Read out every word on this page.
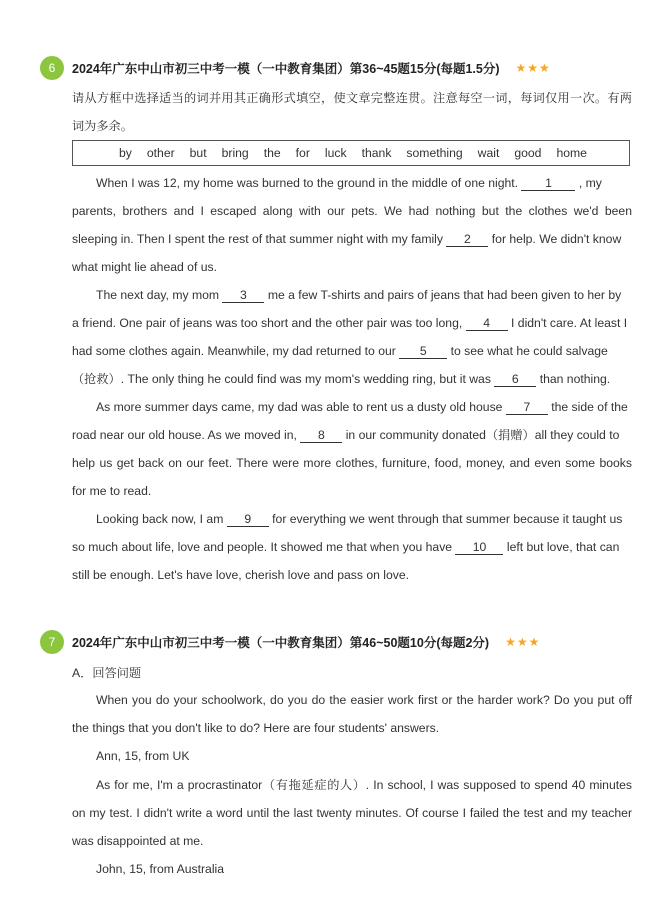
6	2024年广东中山市初三中考一模（一中教育集团）第36~45题15分(每题1.5分) ★★★
请从方框中选择适当的词并用其正确形式填空，使文章完整连贯。注意每空一词，每词仅用一次。有两
词为多余。
by other but bring the for luck thank something wait good home
When I was 12, my home was burned to the ground in the middle of one night. 1 , my
parents, brothers and I escaped along with our pets. We had nothing but the clothes we'd been
sleeping in. Then I spent the rest of that summer night with my family 2 for help. We didn't know
what might lie ahead of us.
The next day, my mom 3 me a few T-shirts and pairs of jeans that had been given to her by
a friend. One pair of jeans was too short and the other pair was too long, 4 I didn't care. At least I
had some clothes again. Meanwhile, my dad returned to our 5 to see what he could salvage
（抢救）. The only thing he could find was my mom's wedding ring, but it was 6 than nothing.
As more summer days came, my dad was able to rent us a dusty old house 7 the side of the
road near our old house. As we moved in, 8 in our community donated（捐赠）all they could to
help us get back on our feet. There were more clothes, furniture, food, money, and even some books
for me to read.
Looking back now, I am 9 for everything we went through that summer because it taught us
so much about life, love and people. It showed me that when you have 10 left but love, that can
still be enough. Let's have love, cherish love and pass on love.
7	2024年广东中山市初三中考一模（一中教育集团）第46~50题10分(每题2分) ★★★
A．回答问题
When you do your schoolwork, do you do the easier work first or the harder work? Do you put off
the things that you don't like to do? Here are four students' answers.
Ann, 15, from UK
As for me, I'm a procrastinator（有拖延症的人）. In school, I was supposed to spend 40 minutes
on my test. I didn't write a word until the last twenty minutes. Of course I failed the test and my teacher
was disappointed at me.
John, 15, from Australia
